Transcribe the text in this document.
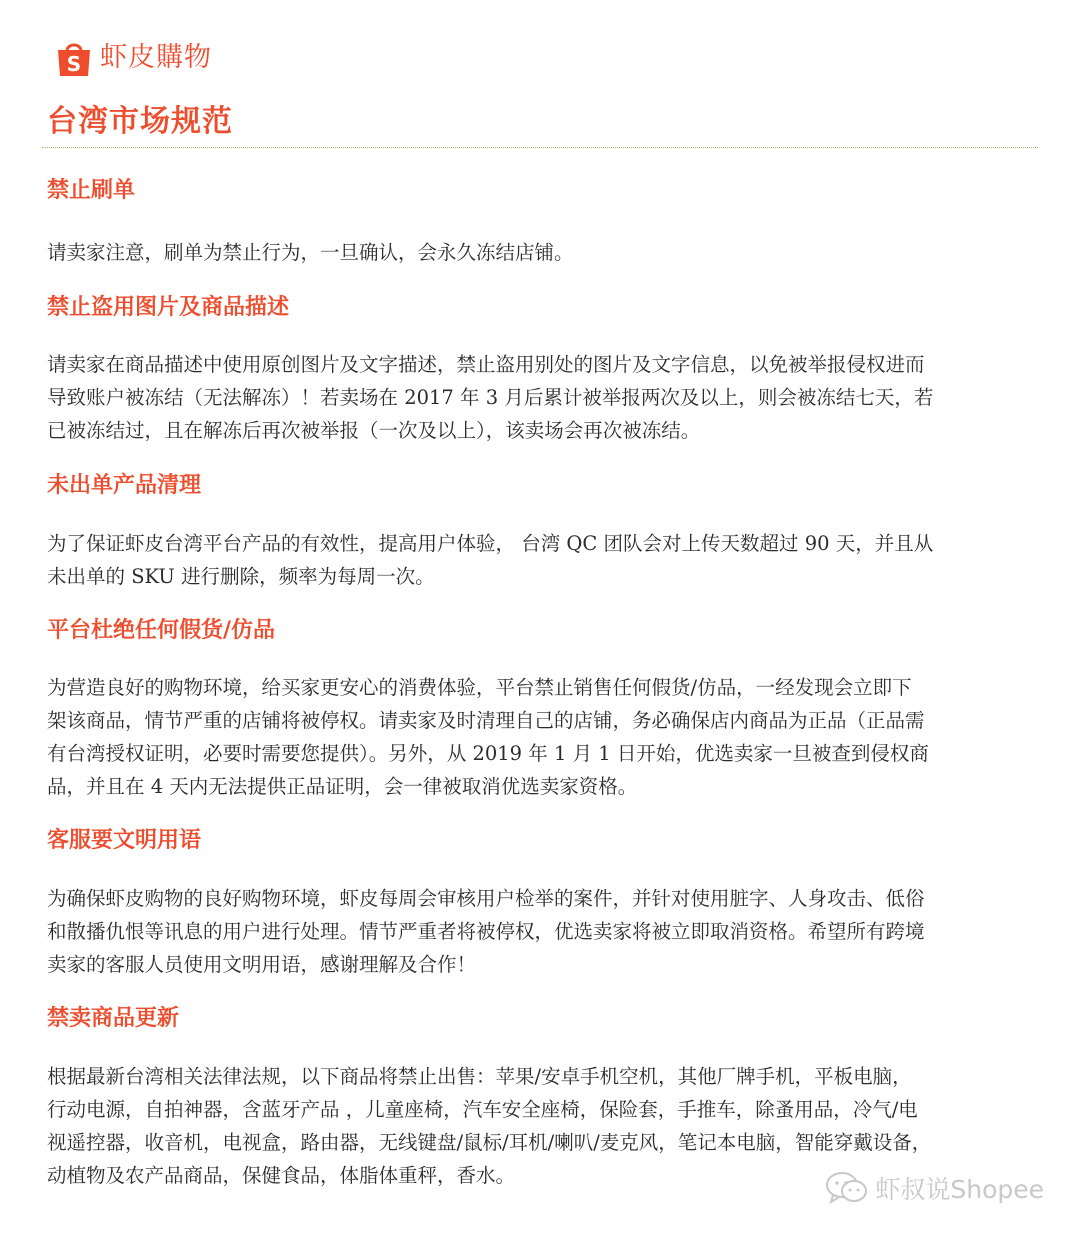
S 虾皮購物
台湾市场规范
禁止刷单

请卖家注意，刷单为禁止行为，一旦确认，会永久冻结店铺。

禁止盗用图片及商品描述

请卖家在商品描述中使用原创图片及文字描述，禁止盗用别处的图片及文字信息，以免被举报侵权进而
导致账户被冻结（无法解冻）！若卖场在 2017 年 3 月后累计被举报两次及以上，则会被冻结七天，若
已被冻结过，且在解冻后再次被举报（一次及以上），该卖场会再次被冻结。

未出单产品清理

为了保证虾皮台湾平台产品的有效性，提高用户体验， 台湾 QC 团队会对上传天数超过 90 天，并且从
未出单的 SKU 进行删除，频率为每周一次。

平台杜绝任何假货/仿品

为营造良好的购物环境，给买家更安心的消费体验，平台禁止销售任何假货/仿品，一经发现会立即下
架该商品，情节严重的店铺将被停权。请卖家及时清理自己的店铺，务必确保店内商品为正品（正品需
有台湾授权证明，必要时需要您提供）。另外，从 2019 年 1 月 1 日开始，优选卖家一旦被查到侵权商
品，并且在 4 天内无法提供正品证明，会一律被取消优选卖家资格。

客服要文明用语

为确保虾皮购物的良好购物环境，虾皮每周会审核用户检举的案件，并针对使用脏字、人身攻击、低俗
和散播仇恨等讯息的用户进行处理。情节严重者将被停权，优选卖家将被立即取消资格。希望所有跨境
卖家的客服人员使用文明用语，感谢理解及合作！

禁卖商品更新

根据最新台湾相关法律法规，以下商品将禁止出售：苹果/安卓手机空机，其他厂牌手机，平板电脑，
行动电源，自拍神器，含蓝牙产品 ，儿童座椅，汽车安全座椅，保险套，手推车，除蚤用品，冷气/电
视遥控器，收音机，电视盒，路由器，无线键盘/鼠标/耳机/喇叭/麦克风，笔记本电脑，智能穿戴设备，
动植物及农产品商品，保健食品，体脂体重秤，香水。	虾叔说Shopee
